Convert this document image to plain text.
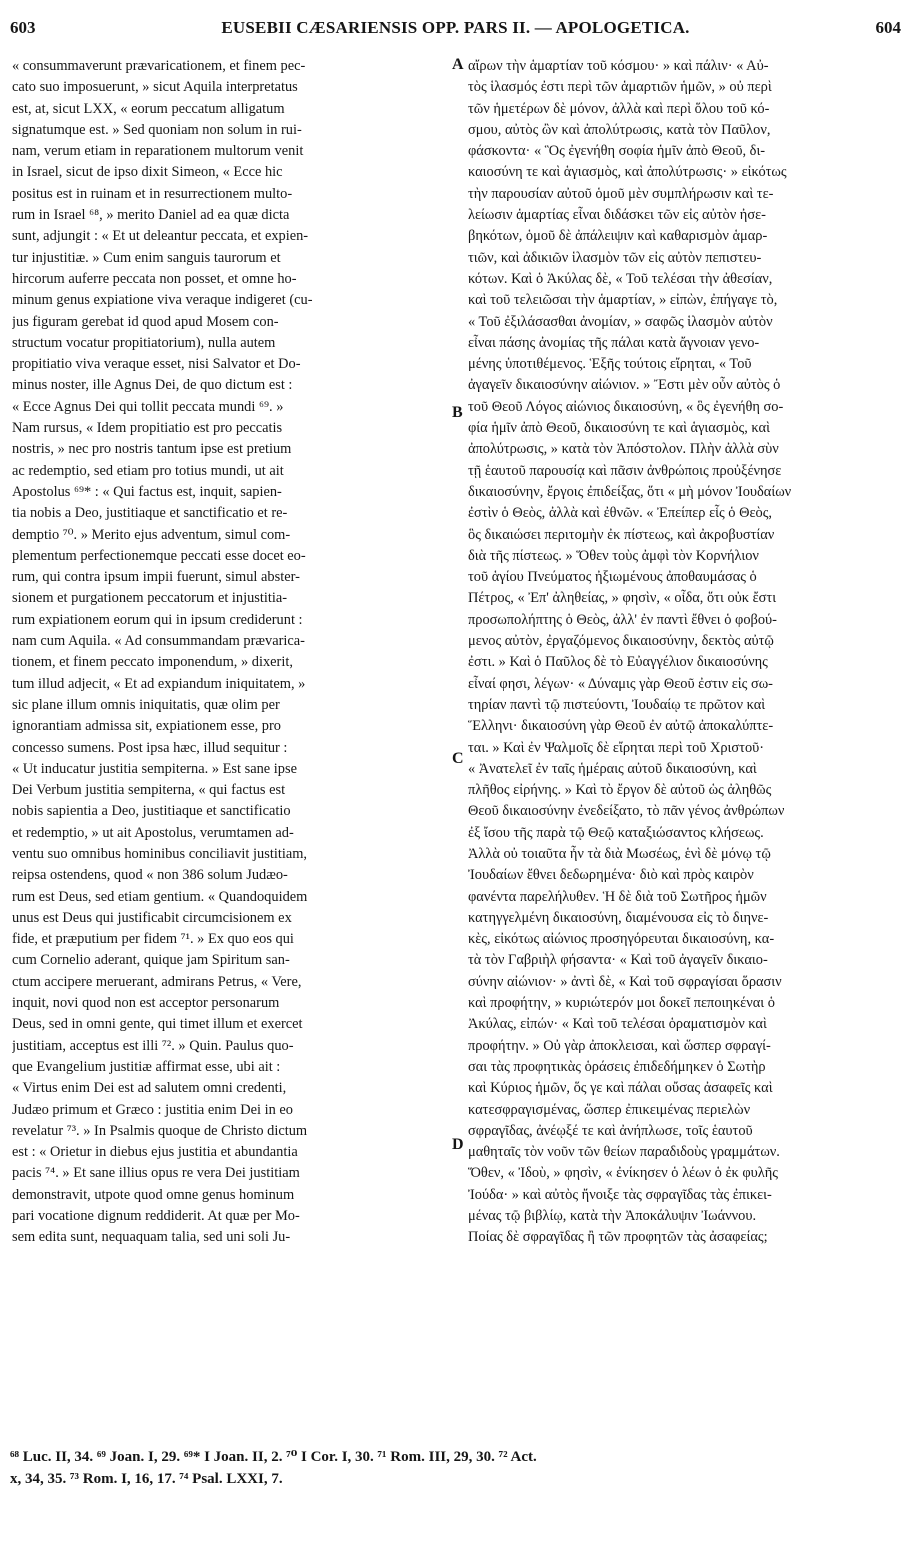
603	EUSEBII CÆSARIENSIS OPP. PARS II. — APOLOGETICA.	604
« consummaverunt prævaricationem, et finem pec-
cato suo imposuerunt, » sicut Aquila interpretatus
est, at, sicut LXX, « eorum peccatum alligatum
signatumque est. » Sed quoniam non solum in rui-
nam, verum etiam in reparationem multorum venit
in Israel, sicut de ipso dixit Simeon, « Ecce hic
positus est in ruinam et in resurrectionem multo-
rum in Israel ⁶⁸, » merito Daniel ad ea quæ dicta
sunt, adjungit : « Et ut deleantur peccata, et expien-
tur injustitiæ. » Cum enim sanguis taurorum et
hircorum auferre peccata non posset, et omne ho-
minum genus expiatione viva veraque indigeret (cu-
jus figuram gerebat id quod apud Mosem con-
structum vocatur propitiatorium), nulla autem
propitiatio viva veraque esset, nisi Salvator et Do-
minus noster, ille Agnus Dei, de quo dictum est :
« Ecce Agnus Dei qui tollit peccata mundi ⁶⁹. »
Nam rursus, « Idem propitiatio est pro peccatis
nostris, » nec pro nostris tantum ipse est pretium
ac redemptio, sed etiam pro totius mundi, ut ait
Apostolus ⁶⁹* : « Qui factus est, inquit, sapien-
tia nobis a Deo, justitiaque et sanctificatio et re-
demptio ⁷⁰. » Merito ejus adventum, simul com-
plementum perfectionemque peccati esse docet eo-
rum, qui contra ipsum impii fuerunt, simul abster-
sionem et purgationem peccatorum et injustitia-
rum expiationem eorum qui in ipsum crediderunt :
nam cum Aquila. « Ad consummandam prævarica-
tionem, et finem peccato imponendum, » dixerit,
tum illud adjecit, « Et ad expiandum iniquitatem, »
sic plane illum omnis iniquitatis, quæ olim per
ignorantiam admissa sit, expiationem esse, pro
concesso sumens. Post ipsa hæc, illud sequitur :
« Ut inducatur justitia sempiterna. » Est sane ipse
Dei Verbum justitia sempiterna, « qui factus est
nobis sapientia a Deo, justitiaque et sanctificatio
et redemptio, » ut ait Apostolus, verumtamen ad-
ventu suo omnibus hominibus conciliavit justitiam,
reipsa ostendens, quod « non 386 solum Judæo-
rum est Deus, sed etiam gentium. « Quandoquidem
unus est Deus qui justificabit circumcisionem ex
fide, et præputium per fidem ⁷¹. » Ex quo eos qui
cum Cornelio aderant, quique jam Spiritum san-
ctum accipere meruerant, admirans Petrus, « Vere,
inquit, novi quod non est acceptor personarum
Deus, sed in omni gente, qui timet illum et exercet
justitiam, acceptus est illi ⁷². » Quin. Paulus quo-
que Evangelium justitiæ affirmat esse, ubi ait :
« Virtus enim Dei est ad salutem omni credenti,
Judæo primum et Græco : justitia enim Dei in eo
revelatur ⁷³. » In Psalmis quoque de Christo dictum
est : « Orietur in diebus ejus justitia et abundantia
pacis ⁷⁴. » Et sane illius opus re vera Dei justitiam
demonstravit, utpote quod omne genus hominum
pari vocatione dignum reddiderit. At quæ per Mo-
sem edita sunt, nequaquam talia, sed uni soli Ju-
αἴρων τὴν ἁμαρτίαν τοῦ κόσμου· » καὶ πάλιν· « Αὐ-
τὸς ἱλασμός ἐστι περὶ τῶν ἁμαρτιῶν ἡμῶν, » οὐ περὶ
τῶν ἡμετέρων δὲ μόνον, ἀλλὰ καὶ περὶ ὅλου τοῦ κό-
σμου, αὐτὸς ὢν καὶ ἀπολύτρωσις, κατὰ τὸν Παῦλον,
φάσκοντα· « Ὃς ἐγενήθη σοφία ἡμῖν ἀπὸ Θεοῦ, δι-
καιοσύνη τε καὶ ἁγιασμὸς, καὶ ἀπολύτρωσις· » εἰκότως
τὴν παρουσίαν αὐτοῦ ὁμοῦ μὲν συμπλήρωσιν καὶ τε-
λείωσιν ἁμαρτίας εἶναι διδάσκει τῶν εἰς αὐτὸν ἠσε-
βηκότων, ὁμοῦ δὲ ἀπάλειψιν καὶ καθαρισμὸν ἁμαρ-
τιῶν, καὶ ἀδικιῶν ἱλασμὸν τῶν εἰς αὐτὸν πεπιστευ-
κότων. Καὶ ὁ Ἀκύλας δὲ, « Τοῦ τελέσαι τὴν ἀθεσίαν,
καὶ τοῦ τελειῶσαι τὴν ἁμαρτίαν, » εἰπὼν, ἐπήγαγε τὸ,
« Τοῦ ἐξιλάσασθαι ἀνομίαν, » σαφῶς ἱλασμὸν αὐτὸν
εἶναι πάσης ἀνομίας τῆς πάλαι κατὰ ἄγνοιαν γενο-
μένης ὑποτιθέμενος. Ἑξῆς τούτοις εἴρηται, « Τοῦ
ἀγαγεῖν δικαιοσύνην αἰώνιον. » Ἔστι μὲν οὖν αὐτὸς ὁ
τοῦ Θεοῦ Λόγος αἰώνιος δικαιοσύνη, « ὃς ἐγενήθη σο-
φία ἡμῖν ἀπὸ Θεοῦ, δικαιοσύνη τε καὶ ἁγιασμὸς, καὶ
ἀπολύτρωσις, » κατὰ τὸν Ἀπόστολον. Πλὴν ἀλλὰ σὺν
τῇ ἑαυτοῦ παρουσίᾳ καὶ πᾶσιν ἀνθρώποις προὐξένησε
δικαιοσύνην, ἔργοις ἐπιδείξας, ὅτι « μὴ μόνον Ἰουδαίων
ἐστὶν ὁ Θεὸς, ἀλλὰ καὶ ἐθνῶν. « Ἐπείπερ εἷς ὁ Θεὸς,
ὃς δικαιώσει περιτομὴν ἐκ πίστεως, καὶ ἀκροβυστίαν
διὰ τῆς πίστεως. » Ὅθεν τοὺς ἀμφὶ τὸν Κορνήλιον
τοῦ ἁγίου Πνεύματος ἠξιωμένους ἀποθαυμάσας ὁ
Πέτρος, « Ἐπ' ἀληθείας, » φησὶν, « οἶδα, ὅτι οὐκ ἔστι
προσωπολήπτης ὁ Θεὸς, ἀλλ' ἐν παντὶ ἔθνει ὁ φοβού-
μενος αὐτὸν, ἐργαζόμενος δικαιοσύνην, δεκτὸς αὐτῷ
ἐστι. » Καὶ ὁ Παῦλος δὲ τὸ Εὐαγγέλιον δικαιοσύνης
εἶναί φησι, λέγων· « Δύναμις γὰρ Θεοῦ ἐστιν εἰς σω-
τηρίαν παντὶ τῷ πιστεύοντι, Ἰουδαίῳ τε πρῶτον καὶ
Ἕλληνι· δικαιοσύνη γὰρ Θεοῦ ἐν αὐτῷ ἀποκαλύπτε-
ται. » Καὶ ἐν Ψαλμοῖς δὲ εἴρηται περὶ τοῦ Χριστοῦ·
« Ἀνατελεῖ ἐν ταῖς ἡμέραις αὐτοῦ δικαιοσύνη, καὶ
πλῆθος εἰρήνης. » Καὶ τὸ ἔργον δὲ αὐτοῦ ὡς ἀληθῶς
Θεοῦ δικαιοσύνην ἐνεδείξατο, τὸ πᾶν γένος ἀνθρώπων
ἐξ ἴσου τῆς παρὰ τῷ Θεῷ καταξιώσαντος κλήσεως.
Ἀλλὰ οὐ τοιαῦτα ἦν τὰ διὰ Μωσέως, ἑνὶ δὲ μόνῳ τῷ
Ἰουδαίων ἔθνει δεδωρημένα· διὸ καὶ πρὸς καιρὸν
φανέντα παρελήλυθεν. Ἡ δὲ διὰ τοῦ Σωτῆρος ἡμῶν
κατηγγελμένη δικαιοσύνη, διαμένουσα εἰς τὸ διηνε-
κὲς, εἰκότως αἰώνιος προσηγόρευται δικαιοσύνη, κα-
τὰ τὸν Γαβριὴλ φήσαντα· « Καὶ τοῦ ἀγαγεῖν δικαιο-
σύνην αἰώνιον· » ἀντὶ δὲ, « Καὶ τοῦ σφραγίσαι ὅρασιν
καὶ προφήτην, » κυριώτερόν μοι δοκεῖ πεποιηκέναι ὁ
Ἀκύλας, εἰπών· « Καὶ τοῦ τελέσαι ὁραματισμὸν καὶ
προφήτην. » Οὐ γὰρ ἀποκλεισαι, καὶ ὥσπερ σφραγί-
σαι τὰς προφητικὰς ὁράσεις ἐπιδεδήμηκεν ὁ Σωτὴρ
καὶ Κύριος ἡμῶν, ὅς γε καὶ πάλαι οὔσας ἀσαφεῖς καὶ
κατεσφραγισμένας, ὥσπερ ἐπικειμένας περιελὼν
σφραγῖδας, ἀνέῳξέ τε καὶ ἀνήπλωσε, τοῖς ἑαυτοῦ
μαθηταῖς τὸν νοῦν τῶν θείων παραδιδοὺς γραμμάτων.
Ὅθεν, « Ἰδοὺ, » φησὶν, « ἐνίκησεν ὁ λέων ὁ ἐκ φυλῆς
Ἰούδα· » καὶ αὐτὸς ἤνοιξε τὰς σφραγῖδας τὰς ἐπικει-
μένας τῷ βιβλίῳ, κατὰ τὴν Ἀποκάλυψιν Ἰωάννου.
Ποίας δὲ σφραγῖδας ἢ τῶν προφητῶν τὰς ἀσαφείας;
A
B
C
D
⁶⁸ Luc. II, 34. ⁶⁹ Joan. I, 29. ⁶⁹* I Joan. II, 2. ⁷⁰ I Cor. I, 30. ⁷¹ Rom. III, 29, 30. ⁷² Act.
x, 34, 35. ⁷³ Rom. I, 16, 17. ⁷⁴ Psal. LXXI, 7.
